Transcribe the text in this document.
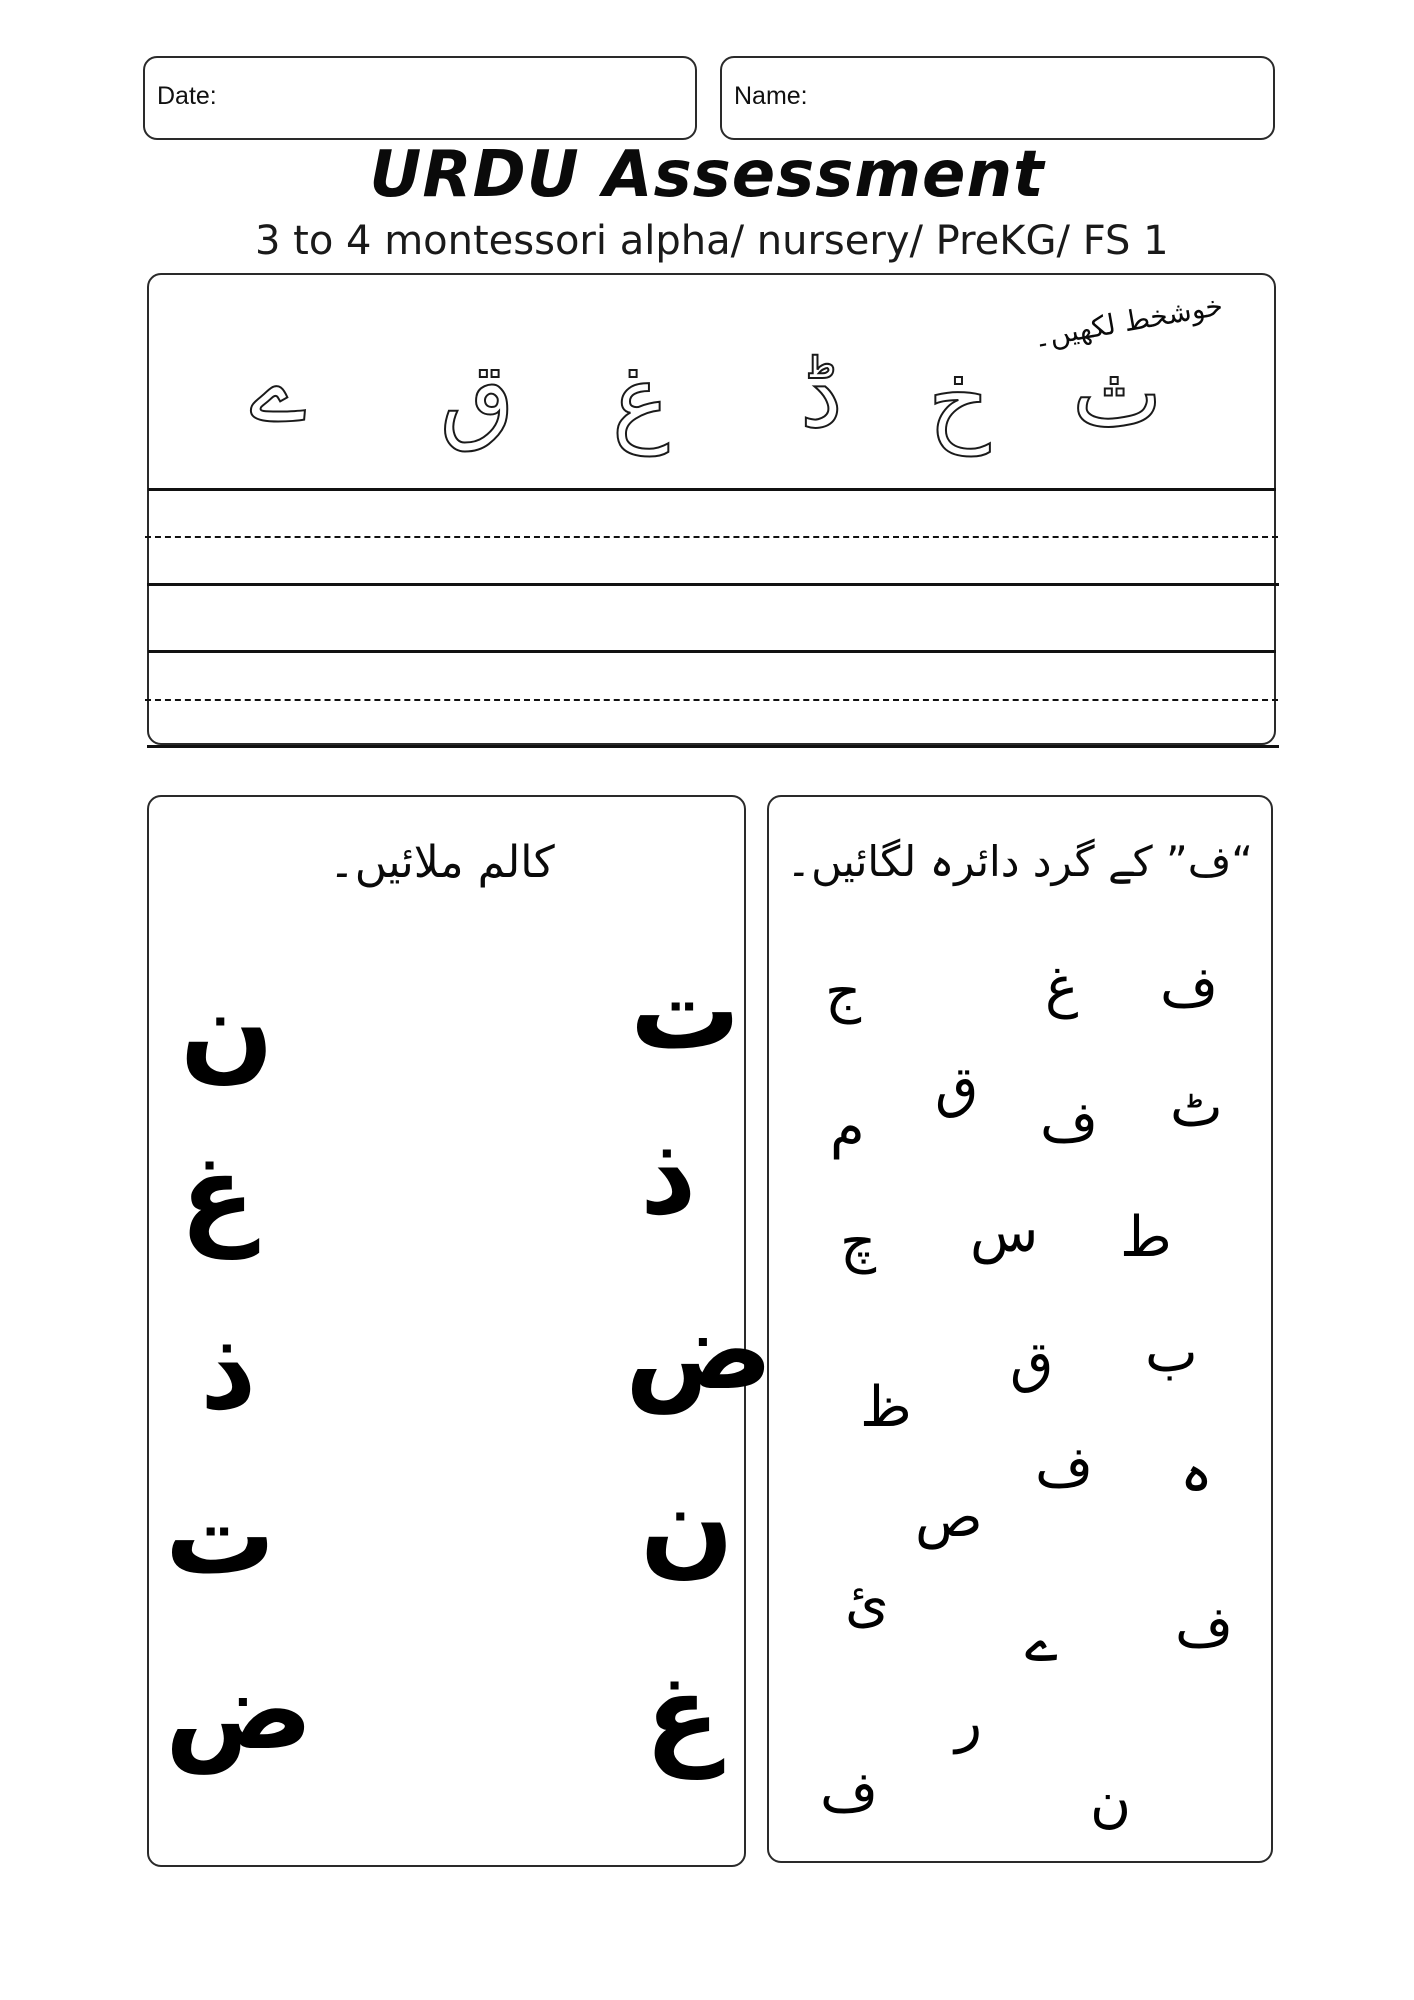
Date:	Name:
URDU Assessment
3 to 4 montessori alpha/ nursery/ PreKG/ FS 1
خوشخط لکھیں۔
ث
خ
ڈ
غ
ق
ے
کالم ملائیں۔
ت
ذ
ض
ن
غ
ن
غ
ذ
ت
ض
“ف” کے گرد دائرہ لگائیں۔
ف
غ
ج
ق	ٹ
ف
م
ط
س
چ
ب
ق
ظ
ف ہ
ص
ئ	ف
ے
ر
ف	ن
